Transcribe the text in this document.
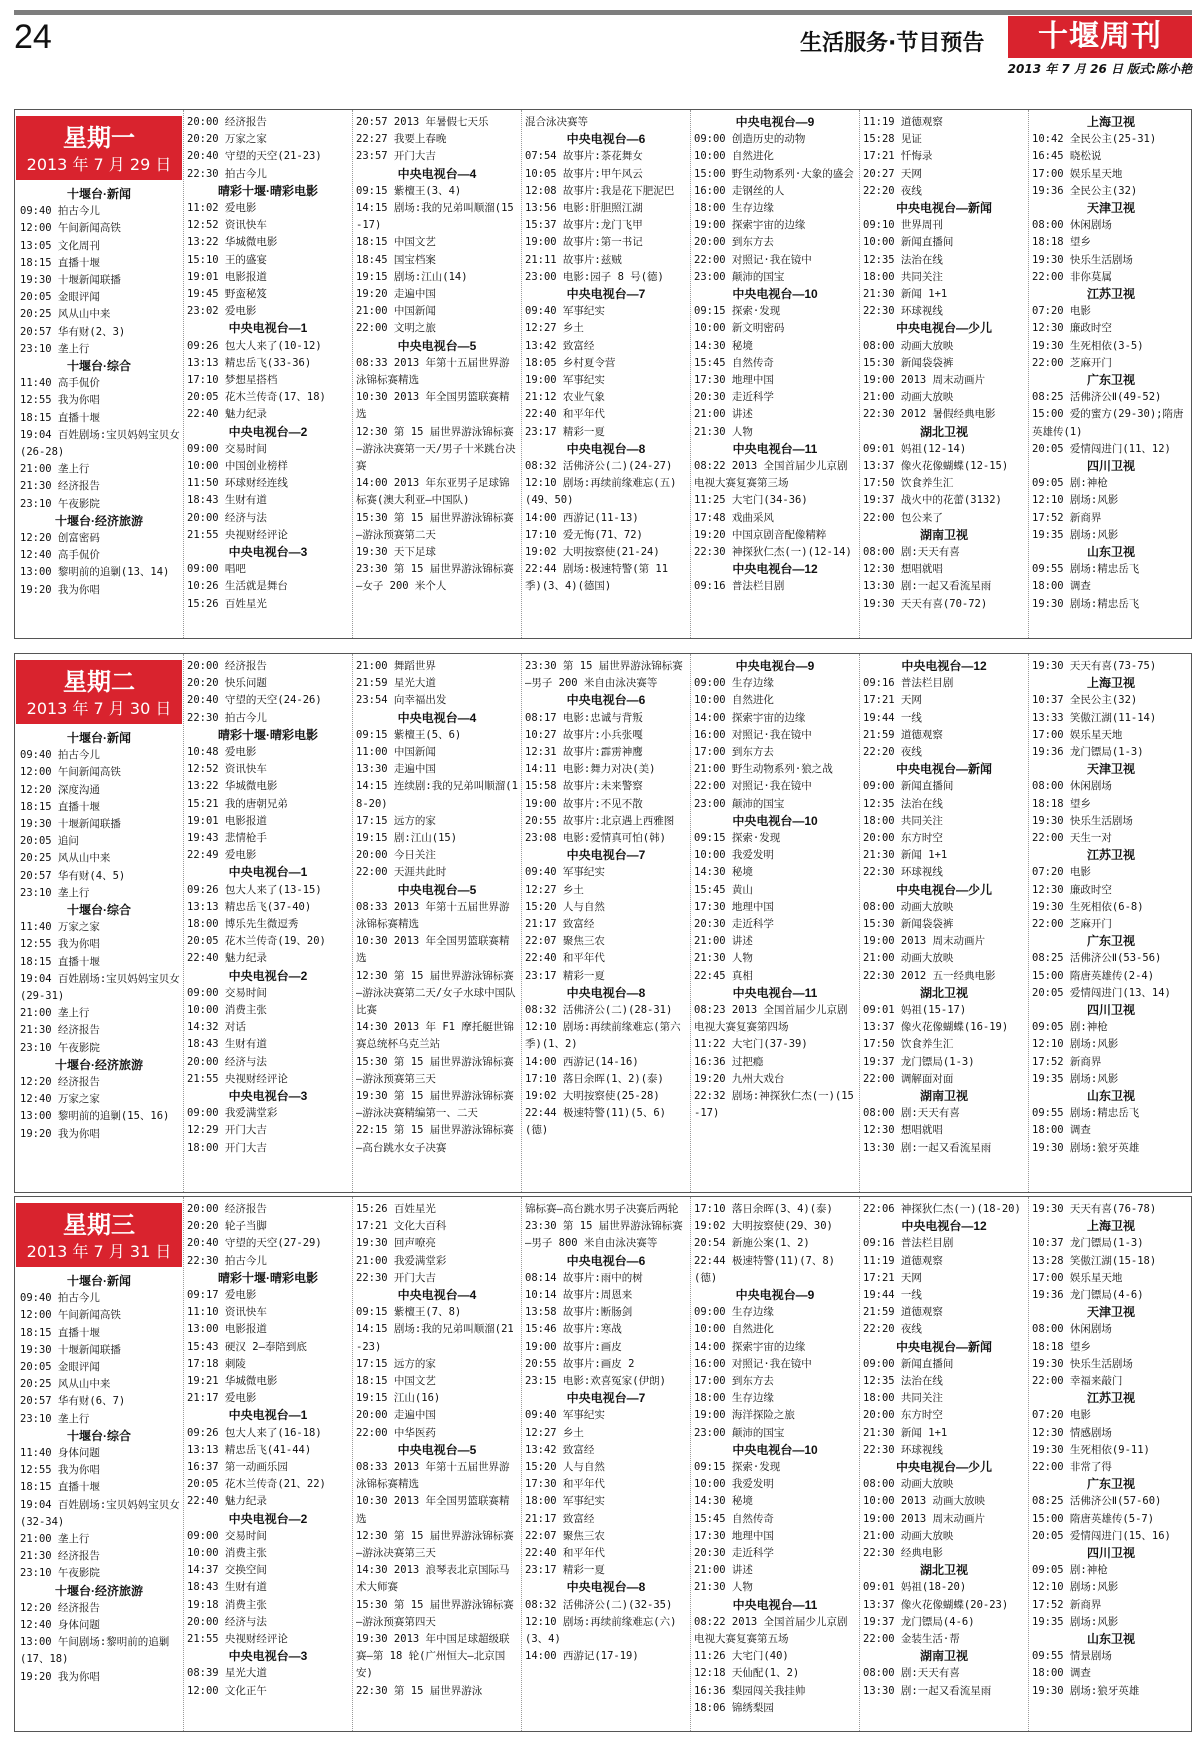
24	生活服务·节目预告	十堰周刊
2013 年 7 月 26 日 版式:陈小艳
星期一
2013 年 7 月 29 日
十堰台·新闻
09:40 拍古今儿
12:00 午间新闻高铁
13:05 文化周刊
18:15 直播十堰
19:30 十堰新闻联播
20:05 金眼评闻
20:25 风从山中来
20:57 华有财(2、3)
23:10 垄上行
十堰台·综合
11:40 高手侃价
12:55 我为你唱
18:15 直播十堰
19:04 百姓剧场:宝贝妈妈宝贝女(26-28)
21:00 垄上行
21:30 经济报告
23:10 午夜影院
十堰台·经济旅游
12:20 创富密码
12:40 高手侃价
13:00 黎明前的追剿(13、14)
19:20 我为你唱
20:00 经济报告
20:20 万家之家
20:40 守望的天空(21-23)
22:30 拍古今儿
晴彩十堰·晴彩电影
11:02 爱电影
12:52 资讯快车
13:22 华城微电影
15:10 王的盛宴
19:01 电影报道
19:45 野蛮秘笈
23:02 爱电影
中央电视台—1
09:26 包大人来了(10-12)
13:13 精忠岳飞(33-36)
17:10 梦想星搭档
20:05 花木兰传奇(17、18)
22:40 魅力纪录
中央电视台—2
09:00 交易时间
10:00 中国创业榜样
11:50 环球财经连线
18:43 生财有道
20:00 经济与法
21:55 央视财经评论
中央电视台—3
09:00 唱吧
10:26 生活就是舞台
15:26 百姓星光
20:57 2013 年暑假七天乐
22:27 我要上春晚
23:57 开门大吉
中央电视台—4
09:15 紫檀王(3、4)
14:15 剧场:我的兄弟叫顺溜(15-17)
18:15 中国文艺
18:45 国宝档案
19:15 剧场:江山(14)
19:20 走遍中国
21:00 中国新闻
22:00 文明之旅
中央电视台—5
08:33 2013 年第十五届世界游泳锦标赛精选
10:30 2013 年全国男篮联赛精选
12:30 第 15 届世界游泳锦标赛—游泳决赛第一天/男子十米跳台决赛
14:00 2013 年东亚男子足球锦标赛(澳大利亚—中国队)
15:30 第 15 届世界游泳锦标赛—游泳预赛第二天
19:30 天下足球
23:30 第 15 届世界游泳锦标赛—女子 200 米个人
混合泳决赛等
中央电视台—6
07:54 故事片:茶花舞女
10:05 故事片:甲午风云
12:08 故事片:我是花下肥泥巴
13:56 电影:肝胆照江湖
15:37 故事片:龙门飞甲
19:00 故事片:第一书记
21:11 故事片:兹贼
23:00 电影:园子 8 号(德)
中央电视台—7
09:40 军事纪实
12:27 乡土
13:42 致富经
18:05 乡村夏令营
19:00 军事纪实
21:12 农业气象
22:40 和平年代
23:17 精彩一夏
中央电视台—8
08:32 活佛济公(二)(24-27)
12:10 剧场:再续前缘难忘(五)(49、50)
14:00 西游记(11-13)
17:10 爱无悔(71、72)
19:02 大明按察使(21-24)
22:44 剧场:极速特警(第 11 季)(3、4)(德国)
中央电视台—9
09:00 创造历史的动物
10:00 自然进化
15:00 野生动物系列·大象的盛会
16:00 走钢丝的人
18:00 生存边缘
19:00 探索宇宙的边缘
20:00 到东方去
22:00 对照记·我在镜中
23:00 颠沛的国宝
中央电视台—10
09:15 探索·发现
10:00 新文明密码
14:30 秘境
15:45 自然传奇
17:30 地理中国
20:30 走近科学
21:00 讲述
21:30 人物
中央电视台—11
08:22 2013 全国首届少儿京剧电视大赛复赛第三场
11:25 大宅门(34-36)
17:48 戏曲采风
19:20 中国京剧音配像精粹
22:30 神探狄仁杰(一)(12-14)
中央电视台—12
09:16 普法栏目剧
11:19 道德观察
15:28 见证
17:21 忏悔录
20:27 天网
22:20 夜线
中央电视台—新闻
09:10 世界周刊
10:00 新闻直播间
12:35 法治在线
18:00 共同关注
21:30 新闻 1+1
22:30 环球视线
中央电视台—少儿
08:00 动画大放映
15:30 新闻袋袋裤
19:00 2013 周末动画片
21:00 动画大放映
22:30 2012 暑假经典电影
湖北卫视
09:01 妈祖(12-14)
13:37 像火花像蝴蝶(12-15)
17:50 饮食养生汇
19:37 战火中的花蕾(3132)
22:00 包公来了
湖南卫视
08:00 剧:天天有喜
12:30 想唱就唱
13:30 剧:一起又看流星雨
19:30 天天有喜(70-72)
上海卫视
10:42 全民公主(25-31)
16:45 晓松说
17:00 娱乐星天地
19:36 全民公主(32)
天津卫视
08:00 休闲剧场
18:18 望乡
19:30 快乐生活剧场
22:00 非你莫属
江苏卫视
07:20 电影
12:30 廉政时空
19:30 生死相依(3-5)
22:00 芝麻开门
广东卫视
08:25 活佛济公Ⅱ(49-52)
15:00 爱的蜜方(29-30);隋唐英雄传(1)
20:05 爱情闯进门(11、12)
四川卫视
09:05 剧:神枪
12:10 剧场:风影
17:52 新商界
19:35 剧场:风影
山东卫视
09:55 剧场:精忠岳飞
18:00 调查
19:30 剧场:精忠岳飞
星期二
2013 年 7 月 30 日
十堰台·新闻
09:40 拍古今儿
12:00 午间新闻高铁
12:20 深度沟通
18:15 直播十堰
19:30 十堰新闻联播
20:05 追问
20:25 风从山中来
20:57 华有财(4、5)
23:10 垄上行
十堰台·综合
11:40 万家之家
12:55 我为你唱
18:15 直播十堰
19:04 百姓剧场:宝贝妈妈宝贝女(29-31)
21:00 垄上行
21:30 经济报告
23:10 午夜影院
十堰台·经济旅游
12:20 经济报告
12:40 万家之家
13:00 黎明前的追剿(15、16)
19:20 我为你唱
20:00 经济报告
20:20 快乐问题
20:40 守望的天空(24-26)
22:30 拍古今儿
晴彩十堰·晴彩电影
10:48 爱电影
12:52 资讯快车
13:22 华城微电影
15:21 我的唐朝兄弟
19:01 电影报道
19:43 悲情枪手
22:49 爱电影
中央电视台—1
09:26 包大人来了(13-15)
13:13 精忠岳飞(37-40)
18:00 博乐先生微逗秀
20:05 花木兰传奇(19、20)
22:40 魅力纪录
中央电视台—2
09:00 交易时间
10:00 消费主张
14:32 对话
18:43 生财有道
20:00 经济与法
21:55 央视财经评论
中央电视台—3
09:00 我爱满堂彩
12:29 开门大吉
18:00 开门大吉
21:00 舞蹈世界
21:59 星光大道
23:54 向幸福出发
中央电视台—4
09:15 紫檀王(5、6)
11:00 中国新闻
13:30 走遍中国
14:15 连续剧:我的兄弟叫顺溜(18-20)
17:15 远方的家
19:15 剧:江山(15)
20:00 今日关注
22:00 天涯共此时
中央电视台—5
08:33 2013 年第十五届世界游泳锦标赛精选
10:30 2013 年全国男篮联赛精选
12:30 第 15 届世界游泳锦标赛—游泳决赛第二天/女子水球中国队比赛
14:30 2013 年 F1 摩托艇世锦赛总统杯乌克兰站
15:30 第 15 届世界游泳锦标赛—游泳预赛第三天
19:30 第 15 届世界游泳锦标赛—游泳决赛精编第一、二天
22:15 第 15 届世界游泳锦标赛—高台跳水女子决赛
23:30 第 15 届世界游泳锦标赛—男子 200 米自由泳决赛等
中央电视台—6
08:17 电影:忠诚与背叛
10:27 故事片:小兵张嘎
12:31 故事片:霹雳神鹰
14:11 电影:舞力对决(美)
15:58 故事片:未来警察
19:00 故事片:不见不散
20:55 故事片:北京遇上西雅图
23:08 电影:爱情真可怕(韩)
中央电视台—7
09:40 军事纪实
12:27 乡土
15:20 人与自然
21:17 致富经
22:07 聚焦三农
22:40 和平年代
23:17 精彩一夏
中央电视台—8
08:32 活佛济公(二)(28-31)
12:10 剧场:再续前缘难忘(第六季)(1、2)
14:00 西游记(14-16)
17:10 落日余晖(1、2)(泰)
19:02 大明按察使(25-28)
22:44 极速特警(11)(5、6)(德)
中央电视台—9
09:00 生存边缘
10:00 自然进化
14:00 探索宇宙的边缘
16:00 对照记·我在镜中
17:00 到东方去
21:00 野生动物系列·狼之战
22:00 对照记·我在镜中
23:00 颠沛的国宝
中央电视台—10
09:15 探索·发现
10:00 我爱发明
14:30 秘境
15:45 黄山
17:30 地理中国
20:30 走近科学
21:00 讲述
21:30 人物
22:45 真相
中央电视台—11
08:23 2013 全国首届少儿京剧电视大赛复赛第四场
11:22 大宅门(37-39)
16:36 过把瘾
19:20 九州大戏台
22:32 剧场:神探狄仁杰(一)(15-17)
中央电视台—12
09:16 普法栏目剧
17:21 天网
19:44 一线
21:59 道德观察
22:20 夜线
中央电视台—新闻
09:00 新闻直播间
12:35 法治在线
18:00 共同关注
20:00 东方时空
21:30 新闻 1+1
22:30 环球视线
中央电视台—少儿
08:00 动画大放映
15:30 新闻袋袋裤
19:00 2013 周末动画片
21:00 动画大放映
22:30 2012 五一经典电影
湖北卫视
09:01 妈祖(15-17)
13:37 像火花像蝴蝶(16-19)
17:50 饮食养生汇
19:37 龙门镖局(1-3)
22:00 调解面对面
湖南卫视
08:00 剧:天天有喜
12:30 想唱就唱
13:30 剧:一起又看流星雨
19:30 天天有喜(73-75)
上海卫视
10:37 全民公主(32)
13:33 笑傲江湖(11-14)
17:00 娱乐星天地
19:36 龙门镖局(1-3)
天津卫视
08:00 休闲剧场
18:18 望乡
19:30 快乐生活剧场
22:00 天生一对
江苏卫视
07:20 电影
12:30 廉政时空
19:30 生死相依(6-8)
22:00 芝麻开门
广东卫视
08:25 活佛济公Ⅱ(53-56)
15:00 隋唐英雄传(2-4)
20:05 爱情闯进门(13、14)
四川卫视
09:05 剧:神枪
12:10 剧场:风影
17:52 新商界
19:35 剧场:风影
山东卫视
09:55 剧场:精忠岳飞
18:00 调查
19:30 剧场:狼牙英雄
星期三
2013 年 7 月 31 日
十堰台·新闻
09:40 拍古今儿
12:00 午间新闻高铁
18:15 直播十堰
19:30 十堰新闻联播
20:05 金眼评闻
20:25 风从山中来
20:57 华有财(6、7)
23:10 垄上行
十堰台·综合
11:40 身体问题
12:55 我为你唱
18:15 直播十堰
19:04 百姓剧场:宝贝妈妈宝贝女(32-34)
21:00 垄上行
21:30 经济报告
23:10 午夜影院
十堰台·经济旅游
12:20 经济报告
12:40 身体问题
13:00 午间剧场:黎明前的追剿(17、18)
19:20 我为你唱
20:00 经济报告
20:20 轮子当脚
20:40 守望的天空(27-29)
22:30 拍古今儿
晴彩十堰·晴彩电影
09:17 爱电影
11:10 资讯快车
13:00 电影报道
15:43 硬汉 2—奉陪到底
17:18 刺陵
19:21 华城微电影
21:17 爱电影
中央电视台—1
09:26 包大人来了(16-18)
13:13 精忠岳飞(41-44)
16:37 第一动画乐园
20:05 花木兰传奇(21、22)
22:40 魅力纪录
中央电视台—2
09:00 交易时间
10:00 消费主张
14:37 交换空间
18:43 生财有道
19:18 消费主张
20:00 经济与法
21:55 央视财经评论
中央电视台—3
08:39 星光大道
12:00 文化正午
15:26 百姓星光
17:21 文化大百科
19:30 回声嘹亮
21:00 我爱满堂彩
22:30 开门大吉
中央电视台—4
09:15 紫檀王(7、8)
14:15 剧场:我的兄弟叫顺溜(21-23)
17:15 远方的家
18:15 中国文艺
19:15 江山(16)
20:00 走遍中国
22:00 中华医药
中央电视台—5
08:33 2013 年第十五届世界游泳锦标赛精选
10:30 2013 年全国男篮联赛精选
12:30 第 15 届世界游泳锦标赛—游泳决赛第三天
14:30 2013 浪琴表北京国际马术大师赛
15:30 第 15 届世界游泳锦标赛—游泳预赛第四天
19:30 2013 年中国足球超级联赛—第 18 轮(广州恒大—北京国安)
22:30 第 15 届世界游泳
锦标赛—高台跳水男子决赛后两轮
23:30 第 15 届世界游泳锦标赛—男子 800 米自由泳决赛等
中央电视台—6
08:14 故事片:雨中的树
10:14 故事片:周恩来
13:58 故事片:断肠剑
15:46 故事片:寒战
19:00 故事片:画皮
20:55 故事片:画皮 2
23:15 电影:欢喜冤家(伊朗)
中央电视台—7
09:40 军事纪实
12:27 乡土
13:42 致富经
15:20 人与自然
17:30 和平年代
18:00 军事纪实
21:17 致富经
22:07 聚焦三农
22:40 和平年代
23:17 精彩一夏
中央电视台—8
08:32 活佛济公(二)(32-35)
12:10 剧场:再续前缘难忘(六)(3、4)
14:00 西游记(17-19)
17:10 落日余晖(3、4)(泰)
19:02 大明按察使(29、30)
20:54 新施公案(1、2)
22:44 极速特警(11)(7、8)(德)
中央电视台—9
09:00 生存边缘
10:00 自然进化
14:00 探索宇宙的边缘
16:00 对照记·我在镜中
17:00 到东方去
18:00 生存边缘
19:00 海洋探险之旅
23:00 颠沛的国宝
中央电视台—10
09:15 探索·发现
10:00 我爱发明
14:30 秘境
15:45 自然传奇
17:30 地理中国
20:30 走近科学
21:00 讲述
21:30 人物
中央电视台—11
08:22 2013 全国首届少儿京剧电视大赛复赛第五场
11:26 大宅门(40)
12:18 天仙配(1、2)
16:36 梨园闯关我挂帅
18:06 锦绣梨园
22:06 神探狄仁杰(一)(18-20)
中央电视台—12
09:16 普法栏目剧
11:19 道德观察
17:21 天网
19:44 一线
21:59 道德观察
22:20 夜线
中央电视台—新闻
09:00 新闻直播间
12:35 法治在线
18:00 共同关注
20:00 东方时空
21:30 新闻 1+1
22:30 环球视线
中央电视台—少儿
08:00 动画大放映
10:00 2013 动画大放映
19:00 2013 周末动画片
21:00 动画大放映
22:30 经典电影
湖北卫视
09:01 妈祖(18-20)
13:37 像火花像蝴蝶(20-23)
19:37 龙门镖局(4-6)
22:00 金装生活·帮
湖南卫视
08:00 剧:天天有喜
13:30 剧:一起又看流星雨
19:30 天天有喜(76-78)
上海卫视
10:37 龙门镖局(1-3)
13:28 笑傲江湖(15-18)
17:00 娱乐星天地
19:36 龙门镖局(4-6)
天津卫视
08:00 休闲剧场
18:18 望乡
19:30 快乐生活剧场
22:00 幸福来敲门
江苏卫视
07:20 电影
12:30 情感剧场
19:30 生死相依(9-11)
22:00 非常了得
广东卫视
08:25 活佛济公Ⅱ(57-60)
15:00 隋唐英雄传(5-7)
20:05 爱情闯进门(15、16)
四川卫视
09:05 剧:神枪
12:10 剧场:风影
17:52 新商界
19:35 剧场:风影
山东卫视
09:55 情景剧场
18:00 调查
19:30 剧场:狼牙英雄
